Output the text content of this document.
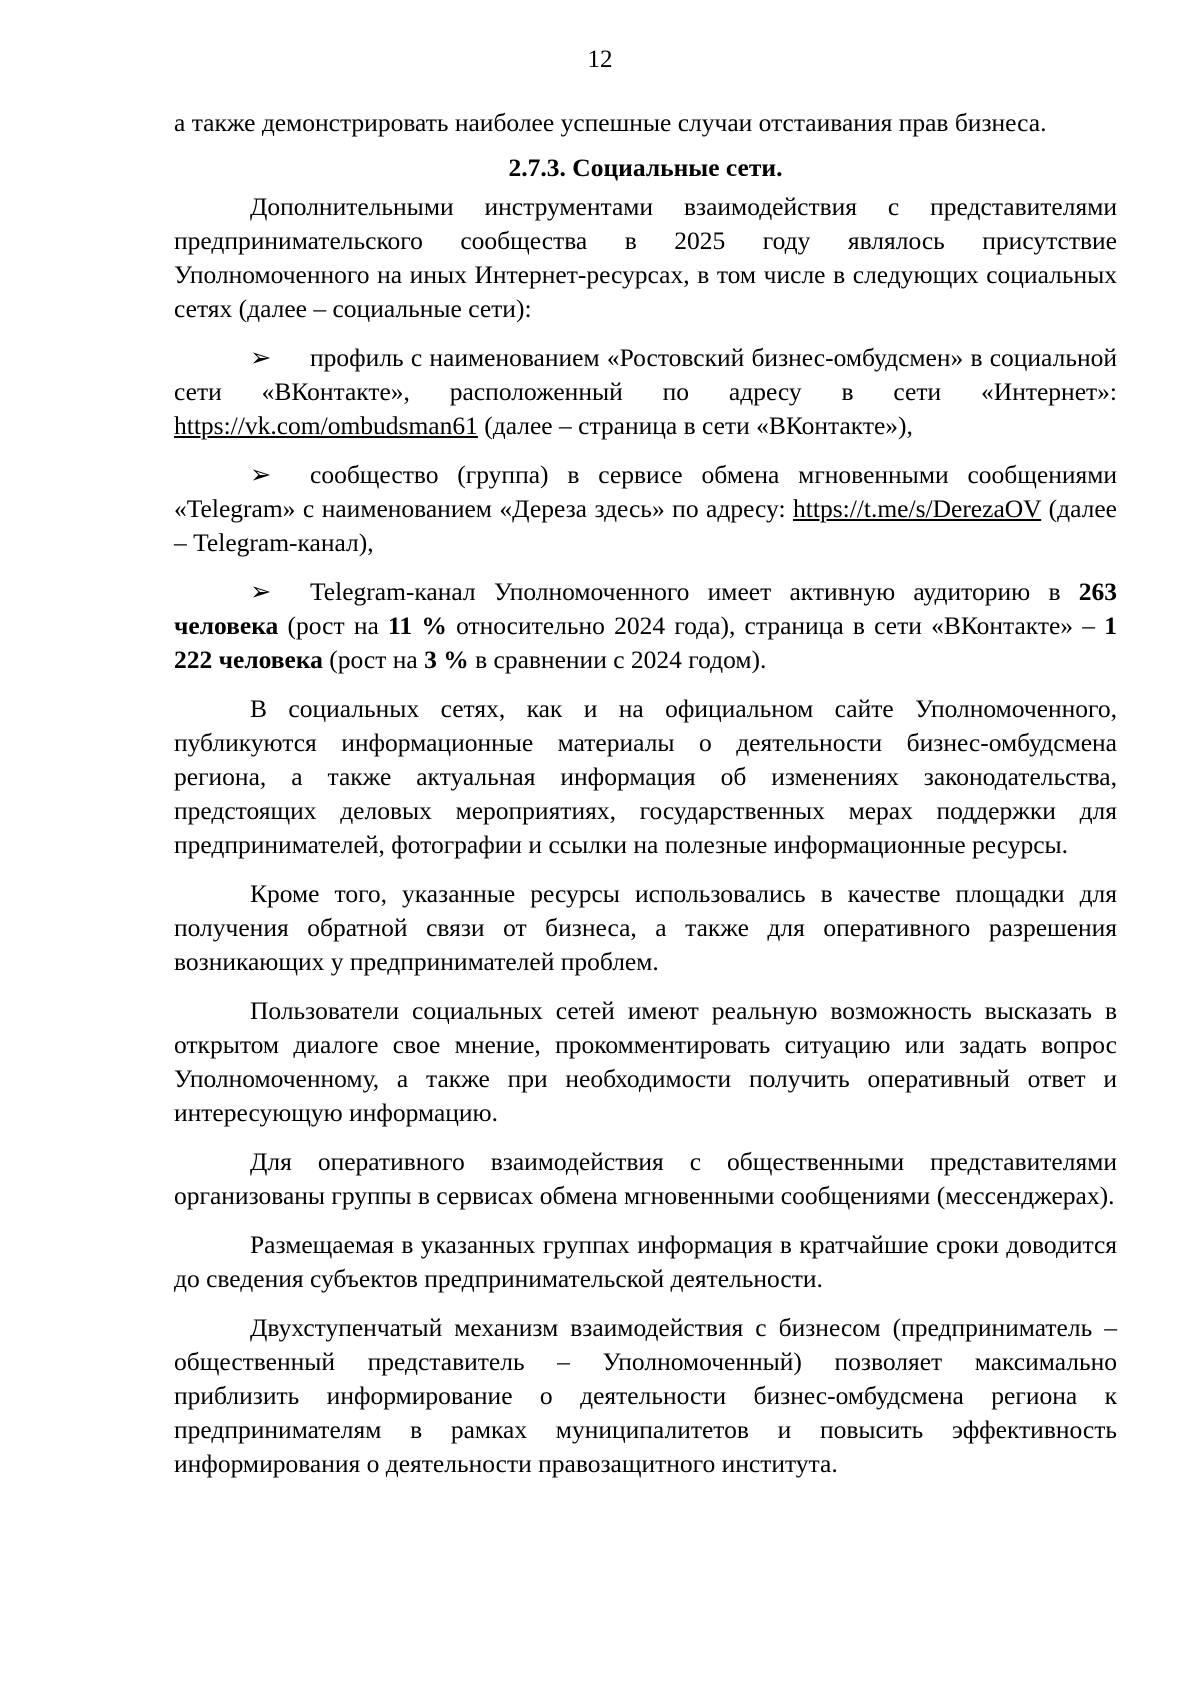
12

а также демонстрировать наиболее успешные случаи отстаивания прав бизнеса.

2.7.3. Социальные сети.

Дополнительными инструментами взаимодействия с представителями предпринимательского сообщества в 2025 году являлось присутствие Уполномоченного на иных Интернет-ресурсах, в том числе в следующих социальных сетях (далее – социальные сети):

➢ профиль с наименованием «Ростовский бизнес-омбудсмен» в социальной сети «ВКонтакте», расположенный по адресу в сети «Интернет»: https://vk.com/ombudsman61 (далее – страница в сети «ВКонтакте»),

➢ сообщество (группа) в сервисе обмена мгновенными сообщениями «Telegram» с наименованием «Дереза здесь» по адресу: https://t.me/s/DerezaOV (далее – Telegram-канал),

➢ Telegram-канал Уполномоченного имеет активную аудиторию в 263 человека (рост на 11 % относительно 2024 года), страница в сети «ВКонтакте» – 1 222 человека (рост на 3 % в сравнении с 2024 годом).

В социальных сетях, как и на официальном сайте Уполномоченного, публикуются информационные материалы о деятельности бизнес-омбудсмена региона, а также актуальная информация об изменениях законодательства, предстоящих деловых мероприятиях, государственных мерах поддержки для предпринимателей, фотографии и ссылки на полезные информационные ресурсы.

Кроме того, указанные ресурсы использовались в качестве площадки для получения обратной связи от бизнеса, а также для оперативного разрешения возникающих у предпринимателей проблем.

Пользователи социальных сетей имеют реальную возможность высказать в открытом диалоге свое мнение, прокомментировать ситуацию или задать вопрос Уполномоченному, а также при необходимости получить оперативный ответ и интересующую информацию.

Для оперативного взаимодействия с общественными представителями организованы группы в сервисах обмена мгновенными сообщениями (мессенджерах).

Размещаемая в указанных группах информация в кратчайшие сроки доводится до сведения субъектов предпринимательской деятельности.

Двухступенчатый механизм взаимодействия с бизнесом (предприниматель – общественный представитель – Уполномоченный) позволяет максимально приблизить информирование о деятельности бизнес-омбудсмена региона к предпринимателям в рамках муниципалитетов и повысить эффективность информирования о деятельности правозащитного института.
